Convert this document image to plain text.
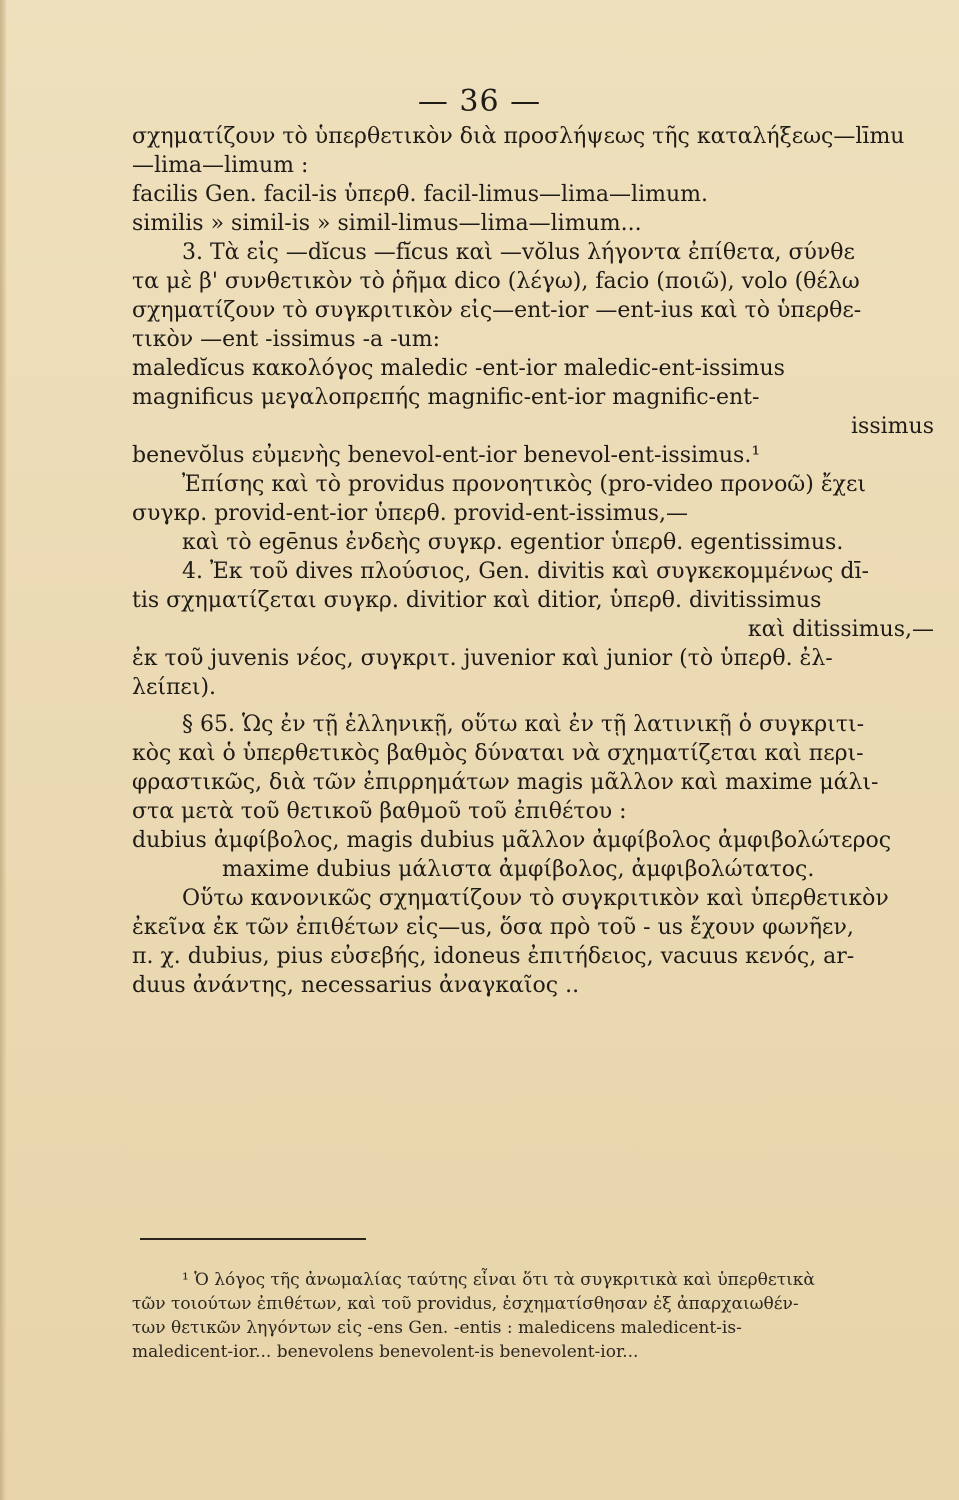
— 36 —
σχηματίζουν τὸ ὑπερθετικὸν διὰ προσλήψεως τῆς καταλήξεως—līmu
—lima—limum :
facilis Gen. facil-is ὑπερθ. facil-limus—lima—limum.
similis » simil-is » simil-limus—lima—limum...
3. Τὰ εἰς —dĭcus —fĭcus καὶ —vŏlus λήγοντα ἐπίθετα, σύνθε
τα μὲ β' συνθετικὸν τὸ ῥῆμα dico (λέγω), facio (ποιῶ), volo (θέλω
σχηματίζουν τὸ συγκριτικὸν εἰς—ent-ior —ent-ius καὶ τὸ ὑπερθε-
τικὸν —ent -issimus -a -um:
maledĭcus κακολόγος maledic -ent-ior maledic-ent-issimus
magnificus μεγαλοπρεπής magnific-ent-ior magnific-ent-
issimus
benevŏlus εὐμενὴς benevol-ent-ior benevol-ent-issimus.¹
Ἐπίσης καὶ τὸ providus προνοητικὸς (pro-video προνοῶ) ἔχει
συγκρ. provid-ent-ior ὑπερθ. provid-ent-issimus,—
καὶ τὸ egēnus ἐνδεὴς συγκρ. egentior ὑπερθ. egentissimus.
4. Ἐκ τοῦ dives πλούσιος, Gen. divitis καὶ συγκεκομμένως dī-
tis σχηματίζεται συγκρ. divitior καὶ ditior, ὑπερθ. divitissimus
καὶ ditissimus,—
ἐκ τοῦ juvenis νέος, συγκριτ. juvenior καὶ junior (τὸ ὑπερθ. ἐλ-
λείπει).
§ 65. Ὡς ἐν τῇ ἑλληνικῇ, οὕτω καὶ ἐν τῇ λατινικῇ ὁ συγκριτι-
κὸς καὶ ὁ ὑπερθετικὸς βαθμὸς δύναται νὰ σχηματίζεται καὶ περι-
φραστικῶς, διὰ τῶν ἐπιρρημάτων magis μᾶλλον καὶ maxime μάλι-
στα μετὰ τοῦ θετικοῦ βαθμοῦ τοῦ ἐπιθέτου :
dubius ἀμφίβολος, magis dubius μᾶλλον ἀμφίβολος ἀμφιβολώτερος
maxime dubius μάλιστα ἀμφίβολος, ἀμφιβολώτατος.
Οὕτω κανονικῶς σχηματίζουν τὸ συγκριτικὸν καὶ ὑπερθετικὸν
ἐκεῖνα ἐκ τῶν ἐπιθέτων εἰς—us, ὅσα πρὸ τοῦ - us ἔχουν φωνῆεν,
π. χ. dubius, pius εὐσεβής, idoneus ἐπιτήδειος, vacuus κενός, ar-
duus ἀνάντης, necessarius ἀναγκαῖος ..
¹ Ὁ λόγος τῆς ἀνωμαλίας ταύτης εἶναι ὅτι τὰ συγκριτικὰ καὶ ὑπερθετικὰ
τῶν τοιούτων ἐπιθέτων, καὶ τοῦ providus, ἐσχηματίσθησαν ἐξ ἀπαρχαιωθέν-
των θετικῶν ληγόντων εἰς -ens Gen. -entis : maledicens maledicent-is-
maledicent-ior... benevolens benevolent-is benevolent-ior...
